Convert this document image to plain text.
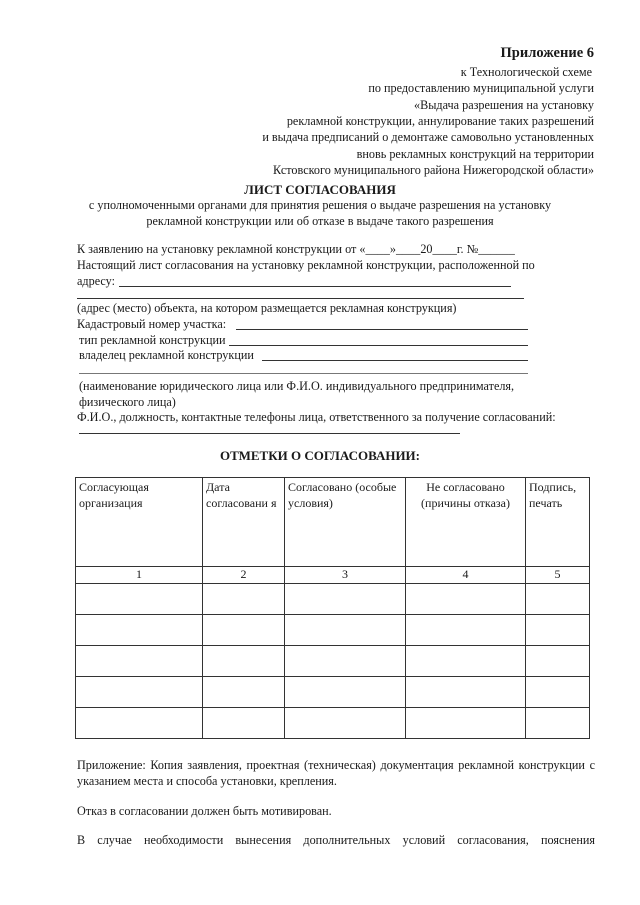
Приложение 6
к Технологической схеме
по предоставлению муниципальной услуги
«Выдача разрешения на установку
рекламной конструкции, аннулирование таких разрешений
и выдача предписаний о демонтаже самовольно установленных
вновь рекламных конструкций на территории
Кстовского муниципального района Нижегородской области»
ЛИСТ СОГЛАСОВАНИЯ
с уполномоченными органами для принятия решения о выдаче разрешения на установку
рекламной конструкции или об отказе в выдаче такого разрешения
К заявлению на установку рекламной конструкции от «____»____20____г. №______
Настоящий лист согласования на установку рекламной конструкции, расположенной по
адресу:
(адрес (место) объекта, на котором размещается рекламная конструкция)
Кадастровый номер участка:
тип рекламной конструкции
владелец рекламной конструкции
(наименование юридического лица или Ф.И.О. индивидуального предпринимателя,
физического лица)
Ф.И.О., должность, контактные телефоны лица, ответственного за получение согласований:
ОТМЕТКИ О СОГЛАСОВАНИИ:
Согласующая организация	Дата согласовани я	Согласовано (особые условия)	Не согласовано (причины отказа)	Подпись, печать
1	2	3	4	5

Приложение: Копия заявления, проектная (техническая) документация рекламной конструкции с указанием места и способа установки, крепления.
Отказ в согласовании должен быть мотивирован.
В случае необходимости вынесения дополнительных условий согласования, пояснения
